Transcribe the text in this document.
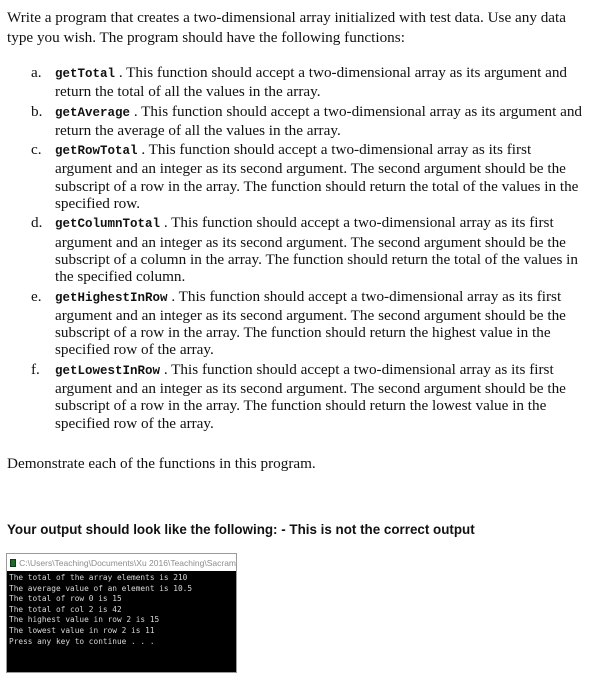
Write a program that creates a two-dimensional array initialized with test data. Use any data type you wish. The program should have the following functions:

a. getTotal . This function should accept a two-dimensional array as its argument and return the total of all the values in the array.
b. getAverage . This function should accept a two-dimensional array as its argument and return the average of all the values in the array.
c. getRowTotal . This function should accept a two-dimensional array as its first argument and an integer as its second argument. The second argument should be the subscript of a row in the array. The function should return the total of the values in the specified row.
d. getColumnTotal . This function should accept a two-dimensional array as its first argument and an integer as its second argument. The second argument should be the subscript of a column in the array. The function should return the total of the values in the specified column.
e. getHighestInRow . This function should accept a two-dimensional array as its first argument and an integer as its second argument. The second argument should be the subscript of a row in the array. The function should return the highest value in the specified row of the array.
f. getLowestInRow . This function should accept a two-dimensional array as its first argument and an integer as its second argument. The second argument should be the subscript of a row in the array. The function should return the lowest value in the specified row of the array.

Demonstrate each of the functions in this program.

Your output should look like the following: - This is not the correct output

C:\Users\Teaching\Documents\Xu 2016\Teaching\Sacram
The total of the array elements is 210
The average value of an element is 10.5
The total of row 0 is 15
The total of col 2 is 42
The highest value in row 2 is 15
The lowest value in row 2 is 11
Press any key to continue . . .
